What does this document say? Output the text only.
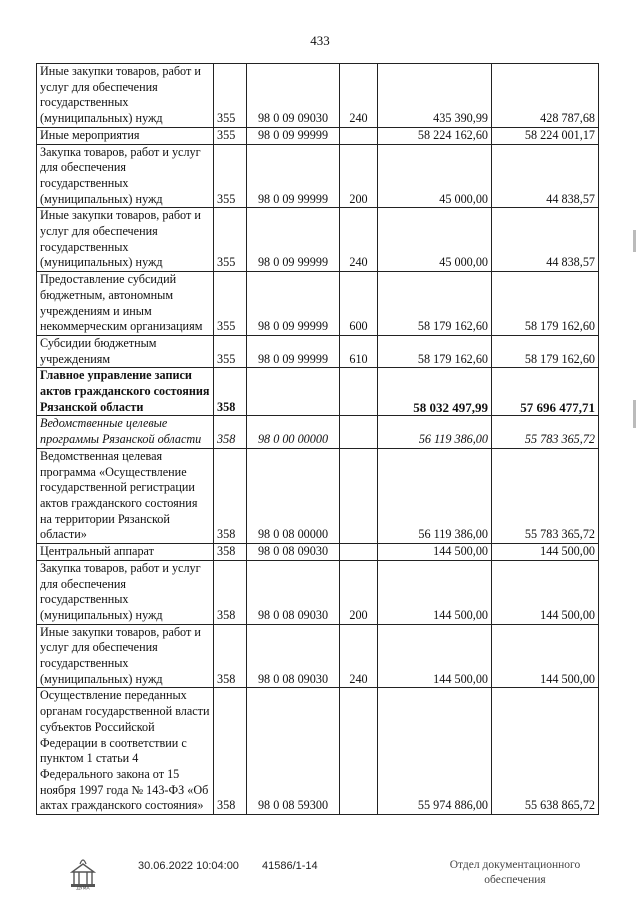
433
Иные закупки товаров, работ и услуг для обеспечения государственных (муниципальных) нужд	355	98 0 09 09030	240	435 390,99	428 787,68
Иные мероприятия	355	98 0 09 99999		58 224 162,60	58 224 001,17
Закупка товаров, работ и услуг для обеспечения государственных (муниципальных) нужд	355	98 0 09 99999	200	45 000,00	44 838,57
Иные закупки товаров, работ и услуг для обеспечения государственных (муниципальных) нужд	355	98 0 09 99999	240	45 000,00	44 838,57
Предоставление субсидий бюджетным, автономным учреждениям и иным некоммерческим организациям	355	98 0 09 99999	600	58 179 162,60	58 179 162,60
Субсидии бюджетным учреждениям	355	98 0 09 99999	610	58 179 162,60	58 179 162,60
Главное управление записи актов гражданского состояния Рязанской области	358			58 032 497,99	57 696 477,71
Ведомственные целевые программы Рязанской области	358	98 0 00 00000		56 119 386,00	55 783 365,72
Ведомственная целевая программа «Осуществление государственной регистрации актов гражданского состояния на территории Рязанской области»	358	98 0 08 00000		56 119 386,00	55 783 365,72
Центральный аппарат	358	98 0 08 09030		144 500,00	144 500,00
Закупка товаров, работ и услуг для обеспечения государственных (муниципальных) нужд	358	98 0 08 09030	200	144 500,00	144 500,00
Иные закупки товаров, работ и услуг для обеспечения государственных (муниципальных) нужд	358	98 0 08 09030	240	144 500,00	144 500,00
Осуществление переданных органам государственной власти субъектов Российской Федерации в соответствии с пунктом 1 статьи 4 Федерального закона от 15 ноября 1997 года № 143-ФЗ «Об актах гражданского состояния»	358	98 0 08 59300		55 974 886,00	55 638 865,72
ДУМА
30.06.2022 10:04:00 41586/1-14	Отдел документационного
обеспечения
